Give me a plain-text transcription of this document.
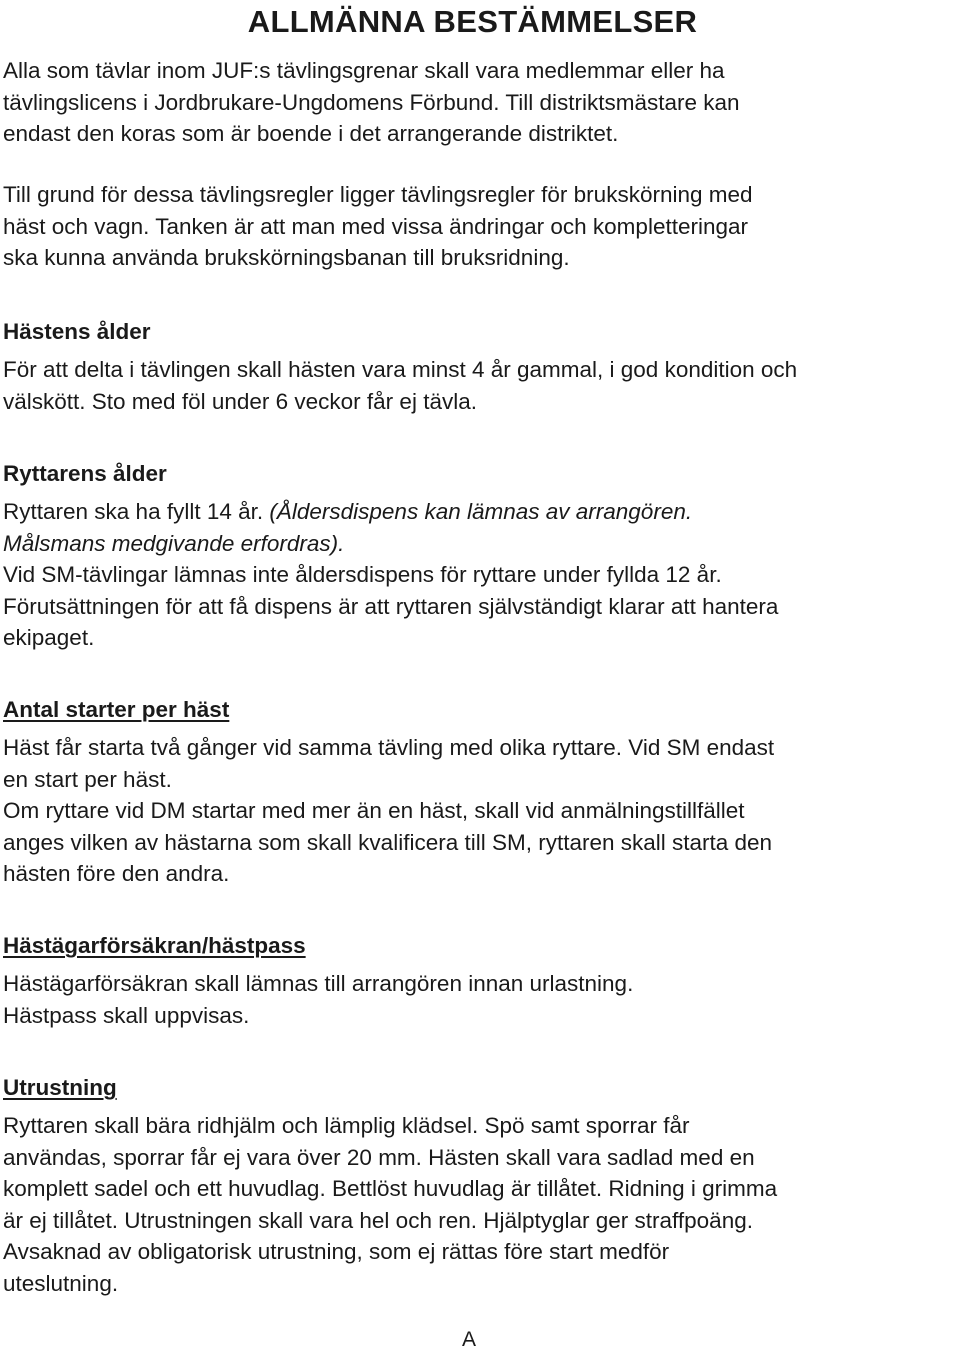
ALLMÄNNA BESTÄMMELSER
Alla som tävlar inom JUF:s tävlingsgrenar skall vara medlemmar eller ha
tävlingslicens i Jordbrukare-Ungdomens Förbund. Till distriktsmästare kan
endast den koras som är boende i det arrangerande distriktet.
Till grund för dessa tävlingsregler ligger tävlingsregler för brukskörning med
häst och vagn. Tanken är att man med vissa ändringar och kompletteringar
ska kunna använda brukskörningsbanan till bruksridning.
Hästens ålder
För att delta i tävlingen skall hästen vara minst 4 år gammal, i god kondition och
välskött. Sto med föl under 6 veckor får ej tävla.
Ryttarens ålder
Ryttaren ska ha fyllt 14 år. (Åldersdispens kan lämnas av arrangören.
Målsmans medgivande erfordras).
Vid SM-tävlingar lämnas inte åldersdispens för ryttare under fyllda 12 år.
Förutsättningen för att få dispens är att ryttaren självständigt klarar att hantera
ekipaget.
Antal starter per häst
Häst får starta två gånger vid samma tävling med olika ryttare. Vid SM endast
en start per häst.
Om ryttare vid DM startar med mer än en häst, skall vid anmälningstillfället
anges vilken av hästarna som skall kvalificera till SM, ryttaren skall starta den
hästen före den andra.
Hästägarförsäkran/hästpass
Hästägarförsäkran skall lämnas till arrangören innan urlastning.
Hästpass skall uppvisas.
Utrustning
Ryttaren skall bära ridhjälm och lämplig klädsel. Spö samt sporrar får
användas, sporrar får ej vara över 20 mm. Hästen skall vara sadlad med en
komplett sadel och ett huvudlag. Bettlöst huvudlag är tillåtet. Ridning i grimma
är ej tillåtet. Utrustningen skall vara hel och ren. Hjälptyglar ger straffpoäng.
Avsaknad av obligatorisk utrustning, som ej rättas före start medför
uteslutning.
A
